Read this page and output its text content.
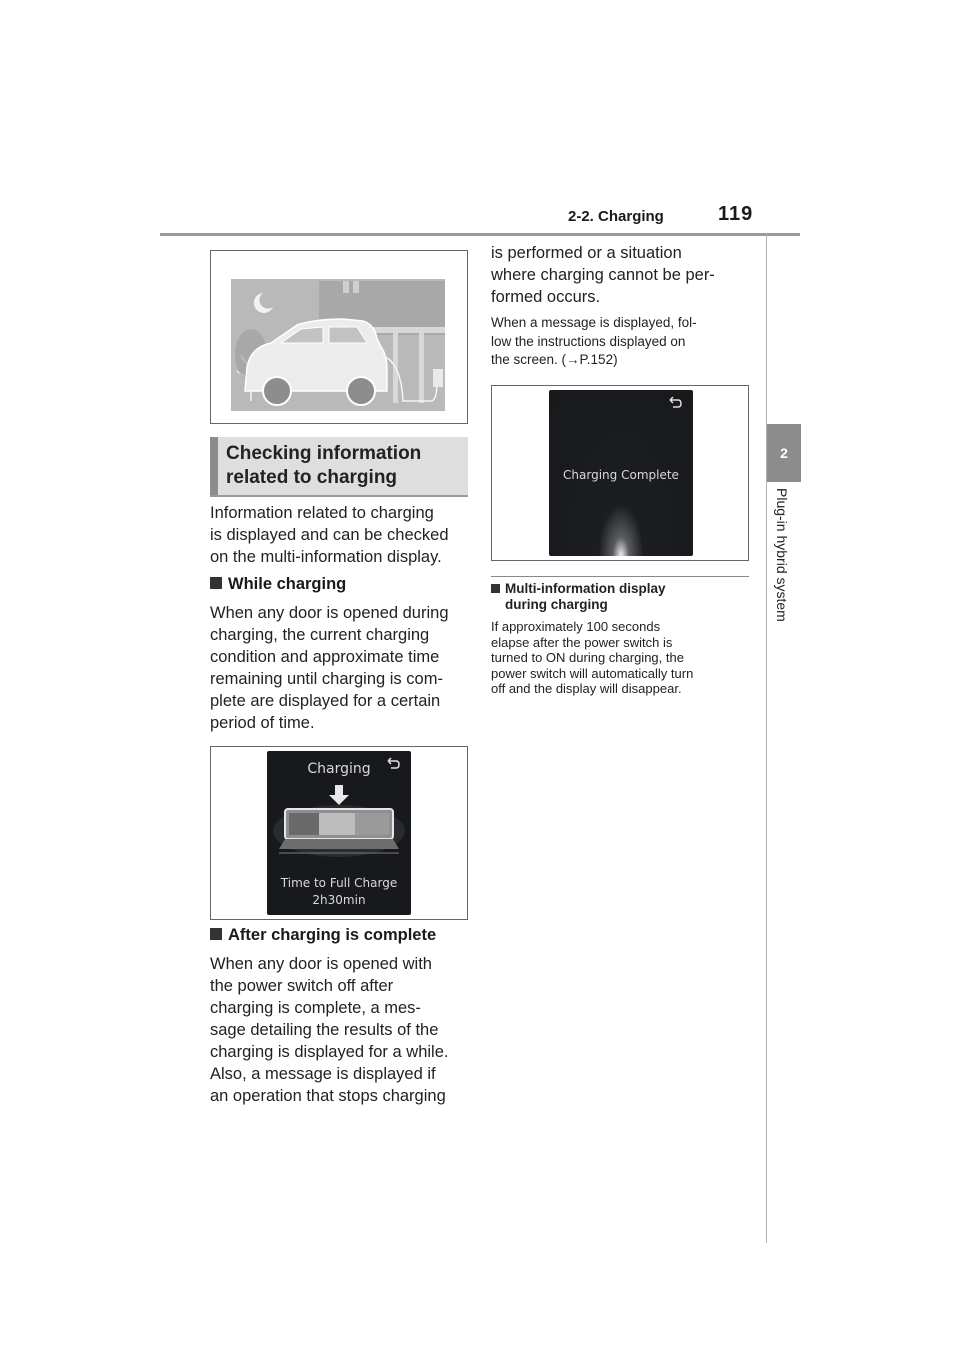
2-2. Charging	119
2
Plug-in hybrid system
Checking information
related to charging
Information related to charging
is displayed and can be checked
on the multi-information display.
While charging
When any door is opened during
charging, the current charging
condition and approximate time
remaining until charging is com-
plete are displayed for a certain
period of time.
Charging
Time to Full Charge
2h30min
After charging is complete
When any door is opened with
the power switch off after
charging is complete, a mes-
sage detailing the results of the
charging is displayed for a while.
Also, a message is displayed if
an operation that stops charging
is performed or a situation
where charging cannot be per-
formed occurs.
When a message is displayed, fol-
low the instructions displayed on
the screen. (→P.152)
Charging Complete
Multi-information display
during charging
If approximately 100 seconds
elapse after the power switch is
turned to ON during charging, the
power switch will automatically turn
off and the display will disappear.
